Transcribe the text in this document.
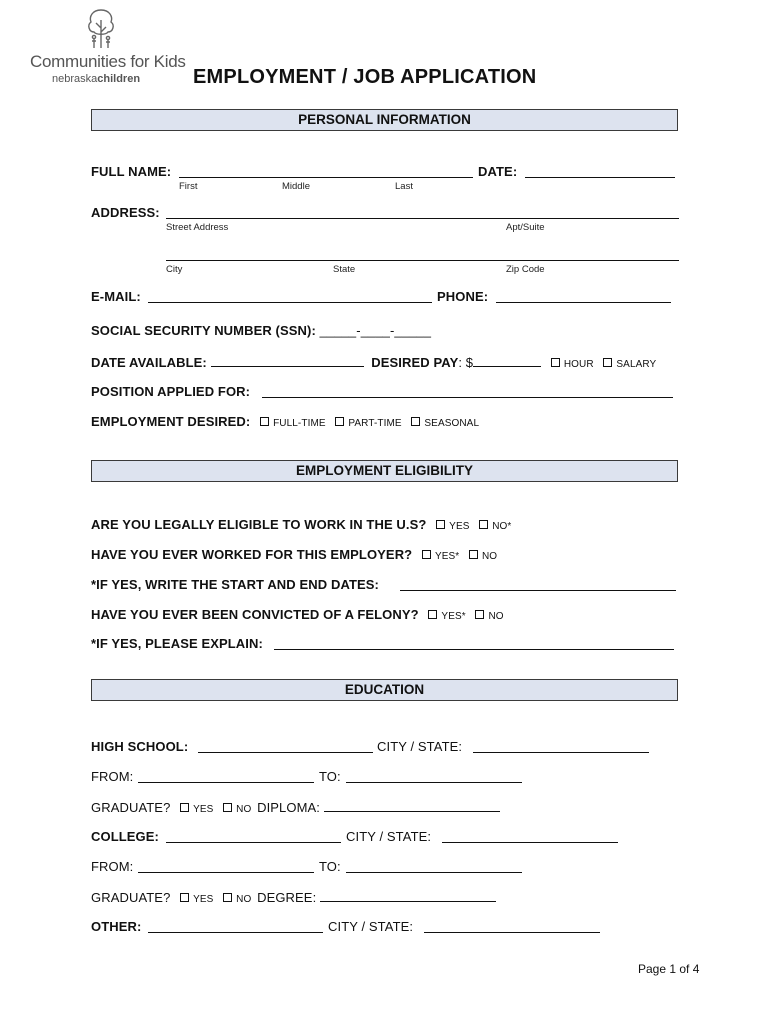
Communities for Kids
nebraskachildren	EMPLOYMENT / JOB APPLICATION
PERSONAL INFORMATION
FULL NAME:	DATE:
First	Middle	Last
ADDRESS:
Street Address	Apt/Suite
City	State	Zip Code
E-MAIL:	PHONE:
SOCIAL SECURITY NUMBER (SSN): _____-____-_____
DATE AVAILABLE:	DESIRED PAY: $	HOUR SALARY
POSITION APPLIED FOR:
EMPLOYMENT DESIRED: FULL-TIME PART-TIME SEASONAL
EMPLOYMENT ELIGIBILITY
ARE YOU LEGALLY ELIGIBLE TO WORK IN THE U.S? YES NO*
HAVE YOU EVER WORKED FOR THIS EMPLOYER? YES* NO
*IF YES, WRITE THE START AND END DATES:
HAVE YOU EVER BEEN CONVICTED OF A FELONY? YES* NO
*IF YES, PLEASE EXPLAIN:
EDUCATION
HIGH SCHOOL:	CITY / STATE:
FROM:	TO:
GRADUATE? YES NO DIPLOMA:
COLLEGE:	CITY / STATE:
FROM:	TO:
GRADUATE? YES NO DEGREE:
OTHER:	CITY / STATE:
Page 1 of 4
